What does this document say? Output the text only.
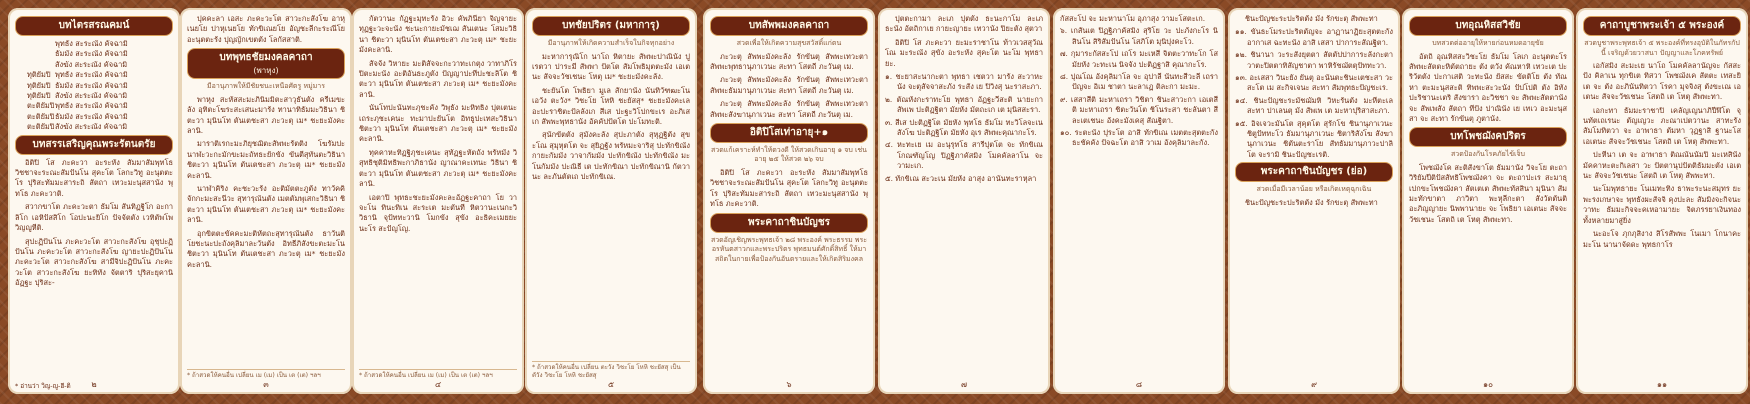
บทไตรสรณคมน์
พุทธัง สะระณัง คัจฉามิ
ธัมมัง สะระณัง คัจฉามิ
สังฆัง สะระณัง คัจฉามิ
ทุติยัมปิ พุทธัง สะระณัง คัจฉามิ
ทุติยัมปิ ธัมมัง สะระณัง คัจฉามิ
ทุติยัมปิ สังฆัง สะระณัง คัจฉามิ
ตะติยัมปิ พุทธัง สะระณัง คัจฉามิ
ตะติยัมปิ ธัมมัง สะระณัง คัจฉามิ
ตะติยัมปิ สังฆัง สะระณัง คัจฉามิ
บทสรรเสริญคุณพระรัตนตรัย

อิติปิ โส ภะคะวา อะระหัง สัมมาสัมพุทโธ วิชชาจะระณะสัมปันโน สุคะโต โลกะวิทู อะนุตตะโร ปุริสะทัมมะสาระถิ สัตถา เทวะมะนุสสานัง พุทโธ ภะคะวาติ.

สวากขาโต ภะคะวะตา ธัมโม สันทิฏฐิโก อะกาลิโก เอหิปัสสิโก โอปะนะยิโก ปัจจัตตัง เวทิตัพโพ วิญญูหีติ.

สุปะฏิปันโน ภะคะวะโต สาวะกะสังโฆ อุชุปะฏิปันโน ภะคะวะโต สาวะกะสังโฆ ญายะปะฏิปันโน ภะคะวะโต สาวะกะสังโฆ สามีจิปะฏิปันโน ภะคะวะโต สาวะกะสังโฆ ยะทิทัง จัตตาริ ปุริสะยุคานิ อัฏฐะ ปุริสะ-

* อ่านว่า วิญ-ญู-ฮี-ติ	๒

ปุคคะลา เอสะ ภะคะวะโต สาวะกะสังโฆ อาหุเนยโย ปาหุเนยโย ทักขิเณยโย อัญชะลีกะระณีโย อะนุตตะรัง ปุญญักเขตตัง โลกัสสาติ.

บทพุทธชัยมงคลคาถา
(พาหุง)
มีอานุภาพให้มีชัยชนะเหนือศัตรู หมู่มาร

พาหุง สะหัสสะมะภินิมมิตะสาวุธันตัง ครีเมขะลัง อุทิตะโฆระสะเสนะมารัง ทานาทิธัมมะวิธินา ชิตะวา มุนินโท ตันเตชะสา ภะวะตุ เม* ชะยะมังคะลานิ.

มาราติเรกะมะภิยุชฌิตะสัพพะรัตติง โฆรัมปะนาฬะวะกะมักขะมะถัทธะยักขัง ขันตีสุทันตะวิธินา ชิตะวา มุนินโท ตันเตชะสา ภะวะตุ เม* ชะยะมังคะลานิ.

นาฬาคิริง คะชะวะรัง อะติมัตตะภูตัง ทาวัคคิจักกะมะสะนีวะ สุทารุณันตัง เมตตัมพุเสกะวิธินา ชิตะวา มุนินโท ตันเตชะสา ภะวะตุ เม* ชะยะมังคะลานิ.

อุกขิตตะขัคคะมะติหัตถะสุทารุณันตัง ธาวันติโยชะนะปะถังคุลิมาละวันตัง อิทธีภิสังขะตะมะโน ชิตะวา มุนินโท ตันเตชะสา ภะวะตุ เม* ชะยะมังคะลานิ.

* ถ้าสวดให้คนอื่น เปลี่ยน เม (เม) เป็น เต (เต) ฯลฯ
๓

กัตวานะ กัฏฐะมุทะรัง อิวะ คัพภินียา จิญจายะ ทุฏฐะวะจะนัง ชะนะกายะมัชเฌ สันเตนะ โสมะวิธินา ชิตะวา มุนินโท ตันเตชะสา ภะวะตุ เม* ชะยะมังคะลานิ.

สัจจัง วิหายะ มะติสัจจะกะวาทะเกตุง วาทาภิโรปิตะมะนัง อะติอันธะภูตัง ปัญญาปะทีปะชะลิโต ชิตะวา มุนินโท ตันเตชะสา ภะวะตุ เม* ชะยะมังคะลานิ.

นันโทปะนันทะภุชะคัง วิพุธัง มะหิทธิง ปุตเตนะ เถระภุชะเคนะ ทะมาปะยันโต อิทธูปะเทสะวิธินา ชิตะวา มุนินโท ตันเตชะสา ภะวะตุ เม* ชะยะมังคะลานิ.

ทุคคาหะทิฏฐิภุชะเคนะ สุทัฏฐะหัตถัง พรัหมัง วิสุทธิชุติมิทธิพะกาภิธานัง ญาณาคะเทนะ วิธินา ชิตะวา มุนินโท ตันเตชะสา ภะวะตุ เม* ชะยะมังคะลานิ.

เอตาปิ พุทธะชะยะมังคะละอัฏฐะคาถา โย วาจะโน ทินะทิเน สะระเต มะตันที หิตวานะเนกะวิวิธานิ จุปัททะวานิ โมกขัง สุขัง อะธิคะเมยยะ นะโร สะปัญโญ.

* ถ้าสวดให้คนอื่น เปลี่ยน เม (เม) เป็น เต (เต) ฯลฯ
๔
บทชัยปริตร (มหาการุ)
มีอานุภาพให้เกิดความสำเร็จในกิจทุกอย่าง

มะหาการุณิโก นาโถ หิตายะ สัพพะปาณินัง ปูเรตวา ปาระมี สัพพา ปัตโต สัมโพธิมุตตะมัง เอเตนะ สัจจะวัชเชนะ โหตุ เม* ชะยะมังคะลัง.

ชะยันโต โพธิยา มูเล สักยานัง นันทิวัฑฒะโน เอวัง ตะวัง* วิชะโย โหหิ ชะยัสสุ* ชะยะมังคะเล อะปะราชิตะปัลลังเก สีเส ปะฐะวิโปกขะเร อะภิเสเก สัพพะพุทธานัง อัคคัปปัตโต ปะโมทะติ.

สุนักขัตตัง สุมังคะลัง สุปะภาตัง สุหุฏฐิตัง สุขะโณ สุมุหุตโต จะ สุยิฏฐัง พรัหมะจาริสุ ปะทักขิณัง กายะกัมมัง วาจากัมมัง ปะทักขิณัง ปะทักขิณัง มะโนกัมมัง ปะณิธี เต ปะทักขิณา ปะทักขิณานิ กัตวานะ ละภันตัตเถ ปะทักขิเณ.

* ถ้าสวดให้คนอื่น เปลี่ยน ตะวัง วิชะโย โหหิ ชะยัสสุ เป็น ตัวัง วิชะโย โหหิ ชะยัสสุ
๕
บทสัพพมงคลคาถา
สวดเพื่อให้เกิดความสุขสวัสดิ์แก่ตน

ภะวะตุ สัพพะมังคะลัง รักขันตุ สัพพะเทวะตา สัพพะพุทธานุภาเวนะ สะทา โสตถี ภะวันตุ เม.

ภะวะตุ สัพพะมังคะลัง รักขันตุ สัพพะเทวะตา สัพพะธัมมานุภาเวนะ สะทา โสตถี ภะวันตุ เม.

ภะวะตุ สัพพะมังคะลัง รักขันตุ สัพพะเทวะตา สัพพะสังฆานุภาเวนะ สะทา โสตถี ภะวันตุ เม.

อิติปิโสเท่าอายุ+๑
สวดแก้เคราะห์ทำให้ดวงดี ให้สวดเกินอายุ ๑ จบ เช่น อายุ ๒๕ ให้สวด ๒๖ จบ

อิติปิ โส ภะคะวา อะระหัง สัมมาสัมพุทโธ วิชชาจะระณะสัมปันโน สุคะโต โลกะวิทู อะนุตตะโร ปุริสะทัมมะสาระถิ สัตถา เทวะมะนุสสานัง พุทโธ ภะคะวาติ.

พระคาถาชินบัญชร
สวดอัญเชิญพระพุทธเจ้า ๒๘ พระองค์ พระธรรม พระอรหันตสาวกและพระปริตร พุทธมนต์ศักดิ์สิทธิ์ ให้มาสถิตในกายเพื่อป้องกันอันตรายและให้เกิดสิริมงคล
๖

ปุตตะกามา ละเภ ปุตตัง ธะนะกาโม ละเภ ธะนัง อัตถิกาเย กายะญายะ เทวานัง ปิยะตัง สุตวา

อิติปิ โส ภะคะวา ยะมะราชาโน ท้าวเวสสุวัณโณ มะระณัง สุขัง อะระหัง สุคะโต นะโม พุทธายะ.

๑. ชะยาสะนากะตา พุทธา เชตวา มารัง สะวาหะนัง จะตุสัจจาสะภัง ระสัง เย ปิวิงสุ นะราสะภา.

๒. ตัณหังกะราทะโย พุทธา อัฏฐะวีสะติ นายะกา สัพเพ ปะติฏฐิตา มัยหัง มัตถะเก เต มุนิสสะรา.

๓. สีเส ปะติฏฐิโต มัยหัง พุทโธ ธัมโม ทะวิโลจะเน สังโฆ ปะติฏฐิโต มัยหัง อุเร สัพพะคุณากะโร.

๔. หะทะเย เม อะนุรุทโธ สารีปุตโต จะ ทักขิเณ โกณฑัญโญ ปิฏฐิภาคัสมิง โมคคัลลาโน จะ วามะเก.

๕. ทักขิเณ สะวะเน มัยหัง อาสุง อานันทะราหุลา

๗

กัสสะโป จะ มะหานาโม อุภาสุง วามะโสตะเก.

๖. เกสันเต ปิฏฐิภาคัสมิง สุริโย วะ ปะภังกะโร นิสินโน สิริสัมปันโน โสภิโต มุนิปุงคะโว.

๗. กุมาระกัสสะโป เถโร มะเหสี จิตตะวาทะโก โส มัยหัง วะทะเน นิจจัง ปะติฏฐาสิ คุณากะโร.

๘. ปุณโณ อังคุลิมาโล จะ อุปาลี นันทะสีวะลี เถรา ปัญจะ อิเม ชาตา นะลาเฏ ติละกา มะมะ.

๙. เสสาสีติ มะหาเถรา วิชิตา ชินะสาวะกา เอเตสีติ มะหาเถรา ชิตะวันโต ชิโนระสา ชะลันตา สีละเตเชนะ อังคะมังเคสุ สัณฐิตา.

๑๐. ระตะนัง ปุระโต อาสิ ทักขิเณ เมตตะสุตตะกัง ธะชัคคัง ปัจฉะโต อาสิ วาเม อังคุลิมาละกัง.

๘

ชินะปัญชะระปะริตตัง มัง รักขะตุ สัพพะทา

๑๑. ขันธะโมระปะริตตัญจะ อาฏานาฏิยะสุตตะกัง อากาเส ฉะทะนัง อาสิ เสสา ปาการะสัณฐิตา.

๑๒. ชินานา วะระสังยุตตา สัตตัปปาการะลังกะตา วาตะปิตตาทิสัญชาตา พาหิรัชฌัตตุปัททะวา.

๑๓. อะเสสา วินะยัง ยันตุ อะนันตะชินะเตชะสา วะสะโต เม สะกิจเจนะ สะทา สัมพุทธะปัญชะเร.

๑๔. ชินะปัญชะระมัชฌัมหิ วิหะรันตัง มะหีตะเล สะทา ปาเลนตุ มัง สัพเพ เต มะหาปุริสาสะภา.

๑๕. อิจเจวะมันโต สุคุตโต สุรักโข ชินานุภาเวนะ ชิตูปัททะโว ธัมมานุภาเวนะ ชิตาริสังโฆ สังฆานุภาเวนะ ชิตันตะราโย สัทธัมมานุภาวะปาลิโต จะรามิ ชินะปัญชะเรติ.

พระคาถาชินบัญชร (ย่อ)
สวดเมื่อมีเวลาน้อย หรือเกิดเหตุฉุกเฉิน

ชินะปัญชะระปะริตตัง มัง รักขะตุ สัพพะทา

๙
บทอุณหิสสวิชัย
บทสวดต่ออายุให้หายก่อนหมดอายุขัย

อัตถิ อุณหิสสะวิชะโย ธัมโม โลเก อะนุตตะโร สัพพะสัตตะหิตัตถายะ ตัง ตวัง คัณหาหิ เทวะเต ปะริวัตตัง ปะกาเสติ วะทะนัง ยัสสะ ขัตติโย ตัง ทัณหา ตะมะนุสสะติ ทิพพะสะวะนัง ปัปโปติ ตัง อิทัง ปะริชานะเตริ สังขารา อะวิชชา จะ สัพพะสัตตานัง จะ สัพเพสัง สัตถา ทีปัง ปาณินัง เย เทเว อะมะนุสสา จะ สะทา รักขันตุ ภูตานัง.

บทโพชฌังคปริตร
สวดป้องกันโรคภัยไข้เจ็บ

โพชฌังโค สะติสังขาโต ธัมมานัง วิจะโย ตะถา วิริยัมปีติปัสสัทธิโพชฌังคา จะ ตะถาปะเร สะมาธุเปกขะโพชฌังคา สัตเตเต สัพพะทัสสินา มุนินา สัมมะทักขาตา ภาวิตา พะหุลีกะตา สังวัตตันติ อะภิญญายะ นิพพานายะ จะ โพธิยา เอเตนะ สัจจะวัชเชนะ โสตถิ เต โหตุ สัพพะทา.

๑๐
คาถาบูชาพระเจ้า ๕ พระองค์
สวดบูชาพระพุทธเจ้า ๕ พระองค์ที่ทรงอุบัติในภัทรกัปนี้ เจริญด้วยวาสนา ปัญญาและโภคทรัพย์

เอกัสมิง สะมะเย นาโถ โมคคัลลานัญจะ กัสสะปัง คิลาเน ทุกขิเต ทิสวา โพชฌังเค สัตตะ เทสะยิ เต จะ ตัง อะภินันทิตวา โรคา มุจจิงสุ ตังขะเณ เอเตนะ สัจจะวัชเชนะ โสตถิ เต โหตุ สัพพะทา.

เอกะทา ธัมมะราชาปิ เคลัญเญนาภิปีฬิโต จุนทัตเถเรนะ ตัญเญวะ ภะณาเปตวานะ สาทะรัง สัมโมทิตวา จะ อาพาธา ตัมหา วุฏฐาสิ ฐานะโส เอเตนะ สัจจะวัชเชนะ โสตถิ เต โหตุ สัพพะทา.

ปะหีนา เต จะ อาพาธา ติณณันนัมปิ มะเหสินัง มัคคาหะตะกิเลสา วะ ปัตตานุปปัตติธัมมะตัง เอเตนะ สัจจะวัชเชนะ โสตถิ เต โหตุ สัพพะทา.

นะโมพุทธายะ โนเมทะทิง ธาพะระนะสมุทร ยะพะรงเกษาจะ พุทธังผะสัจจิ คุงปะละ สัมมิงจะกิจนะวาทะ ธัมมะกิจจะคเหอามายะ จิตภรรยาเงินทองทั้งหลายมาสู่ยิ่ง

นะอะโจ ภุกภุสิงาง สิโรสัพพะ โนเมา โกนาคะมะโน นานาจัดดะ พุทธกาโร

๑๑
